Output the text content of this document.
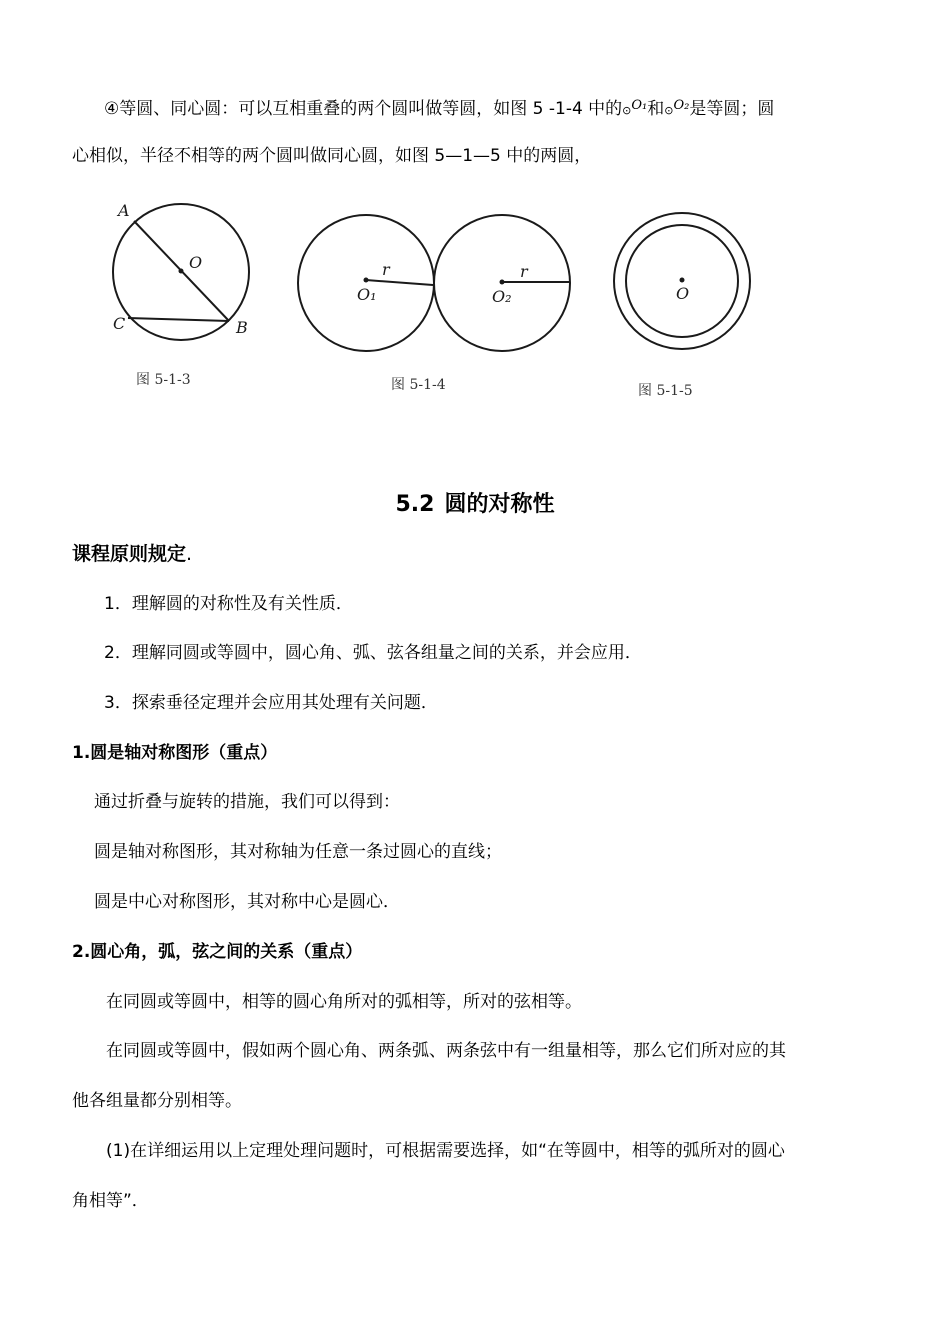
④等圆、同心圆：可以互相重叠的两个圆叫做等圆，如图 5 -1-4 中的⊙$^{O_1}$和⊙$^{O_2}$是等圆；圆
心相似，半径不相等的两个圆叫做同心圆，如图 5—1—5 中的两圆，
A
O
C	B
图 5-1-3
r
O₁
r
O₂
图 5-1-4
O
图 5-1-5
5.2 圆的对称性
课程原则规定.
1．理解圆的对称性及有关性质．
2．理解同圆或等圆中，圆心角、弧、弦各组量之间的关系，并会应用．
3．探索垂径定理并会应用其处理有关问题．
1.圆是轴对称图形（重点）
通过折叠与旋转的措施，我们可以得到：
圆是轴对称图形，其对称轴为任意一条过圆心的直线；
圆是中心对称图形，其对称中心是圆心．
2.圆心角，弧，弦之间的关系（重点）
在同圆或等圆中，相等的圆心角所对的弧相等，所对的弦相等。
在同圆或等圆中，假如两个圆心角、两条弧、两条弦中有一组量相等，那么它们所对应的其
他各组量都分别相等。
(1)在详细运用以上定理处理问题时，可根据需要选择，如“在等圆中，相等的弧所对的圆心
角相等”．
